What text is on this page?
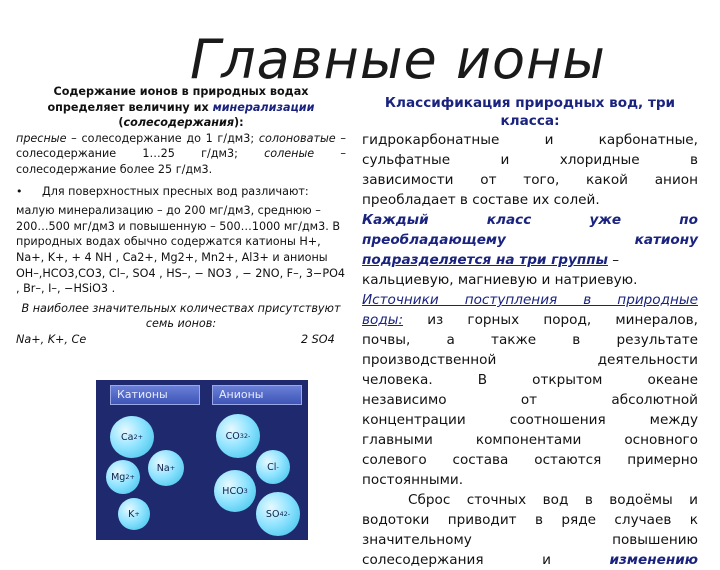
Главные ионы
Содержание ионов в природных водах определяет величину их минерализации
(солесодержания):
пресные – солесодержание до 1 г/дм3; солоноватые – солесодержание 1…25 г/дм3; соленые – солесодержание более 25 г/дм3.
•	Для поверхностных пресных вод различают:
малую минерализацию – до 200 мг/дм3, среднюю – 200…500 мг/дм3 и повышенную – 500…1000 мг/дм3. В природных водах обычно содержатся катионы H+, Na+, K+, + 4 NH , Ca2+, Mg2+, Mn2+, Al3+ и анионы OH–,HCO3,CO3, Cl–, SO4 , HS–, − NO3 , − 2NO, F–, 3−PO4 , Br–, I–, −HSiO3 .
В наиболее значительных количествах присутствуют семь ионов:
Na+, K+, Ce	2 SO4
Катионы	Анионы
Ca 2+
Mg 2+
Na +
K +
CO 3 2-
Cl -
HCO 3
SO 4 2-
Классификация природных вод, три класса:
гидрокарбонатные и карбонатные,
сульфатные и хлоридные в
зависимости от того, какой анион
преобладает в составе их солей.
Каждый класс уже по
преобладающему катиону
подразделяется на три группы –
кальциевую, магниевую и натриевую.
Источники поступления в природные
воды: из горных пород, минералов,
почвы, а также в результате
производственной деятельности
человека. В открытом океане
независимо от абсолютной
концентрации соотношения между
главными компонентами основного
солевого состава остаются примерно
постоянными.
Сброс сточных вод в водоёмы и
водотоки приводит в ряде случаев к
значительному повышению
солесодержания и изменению
